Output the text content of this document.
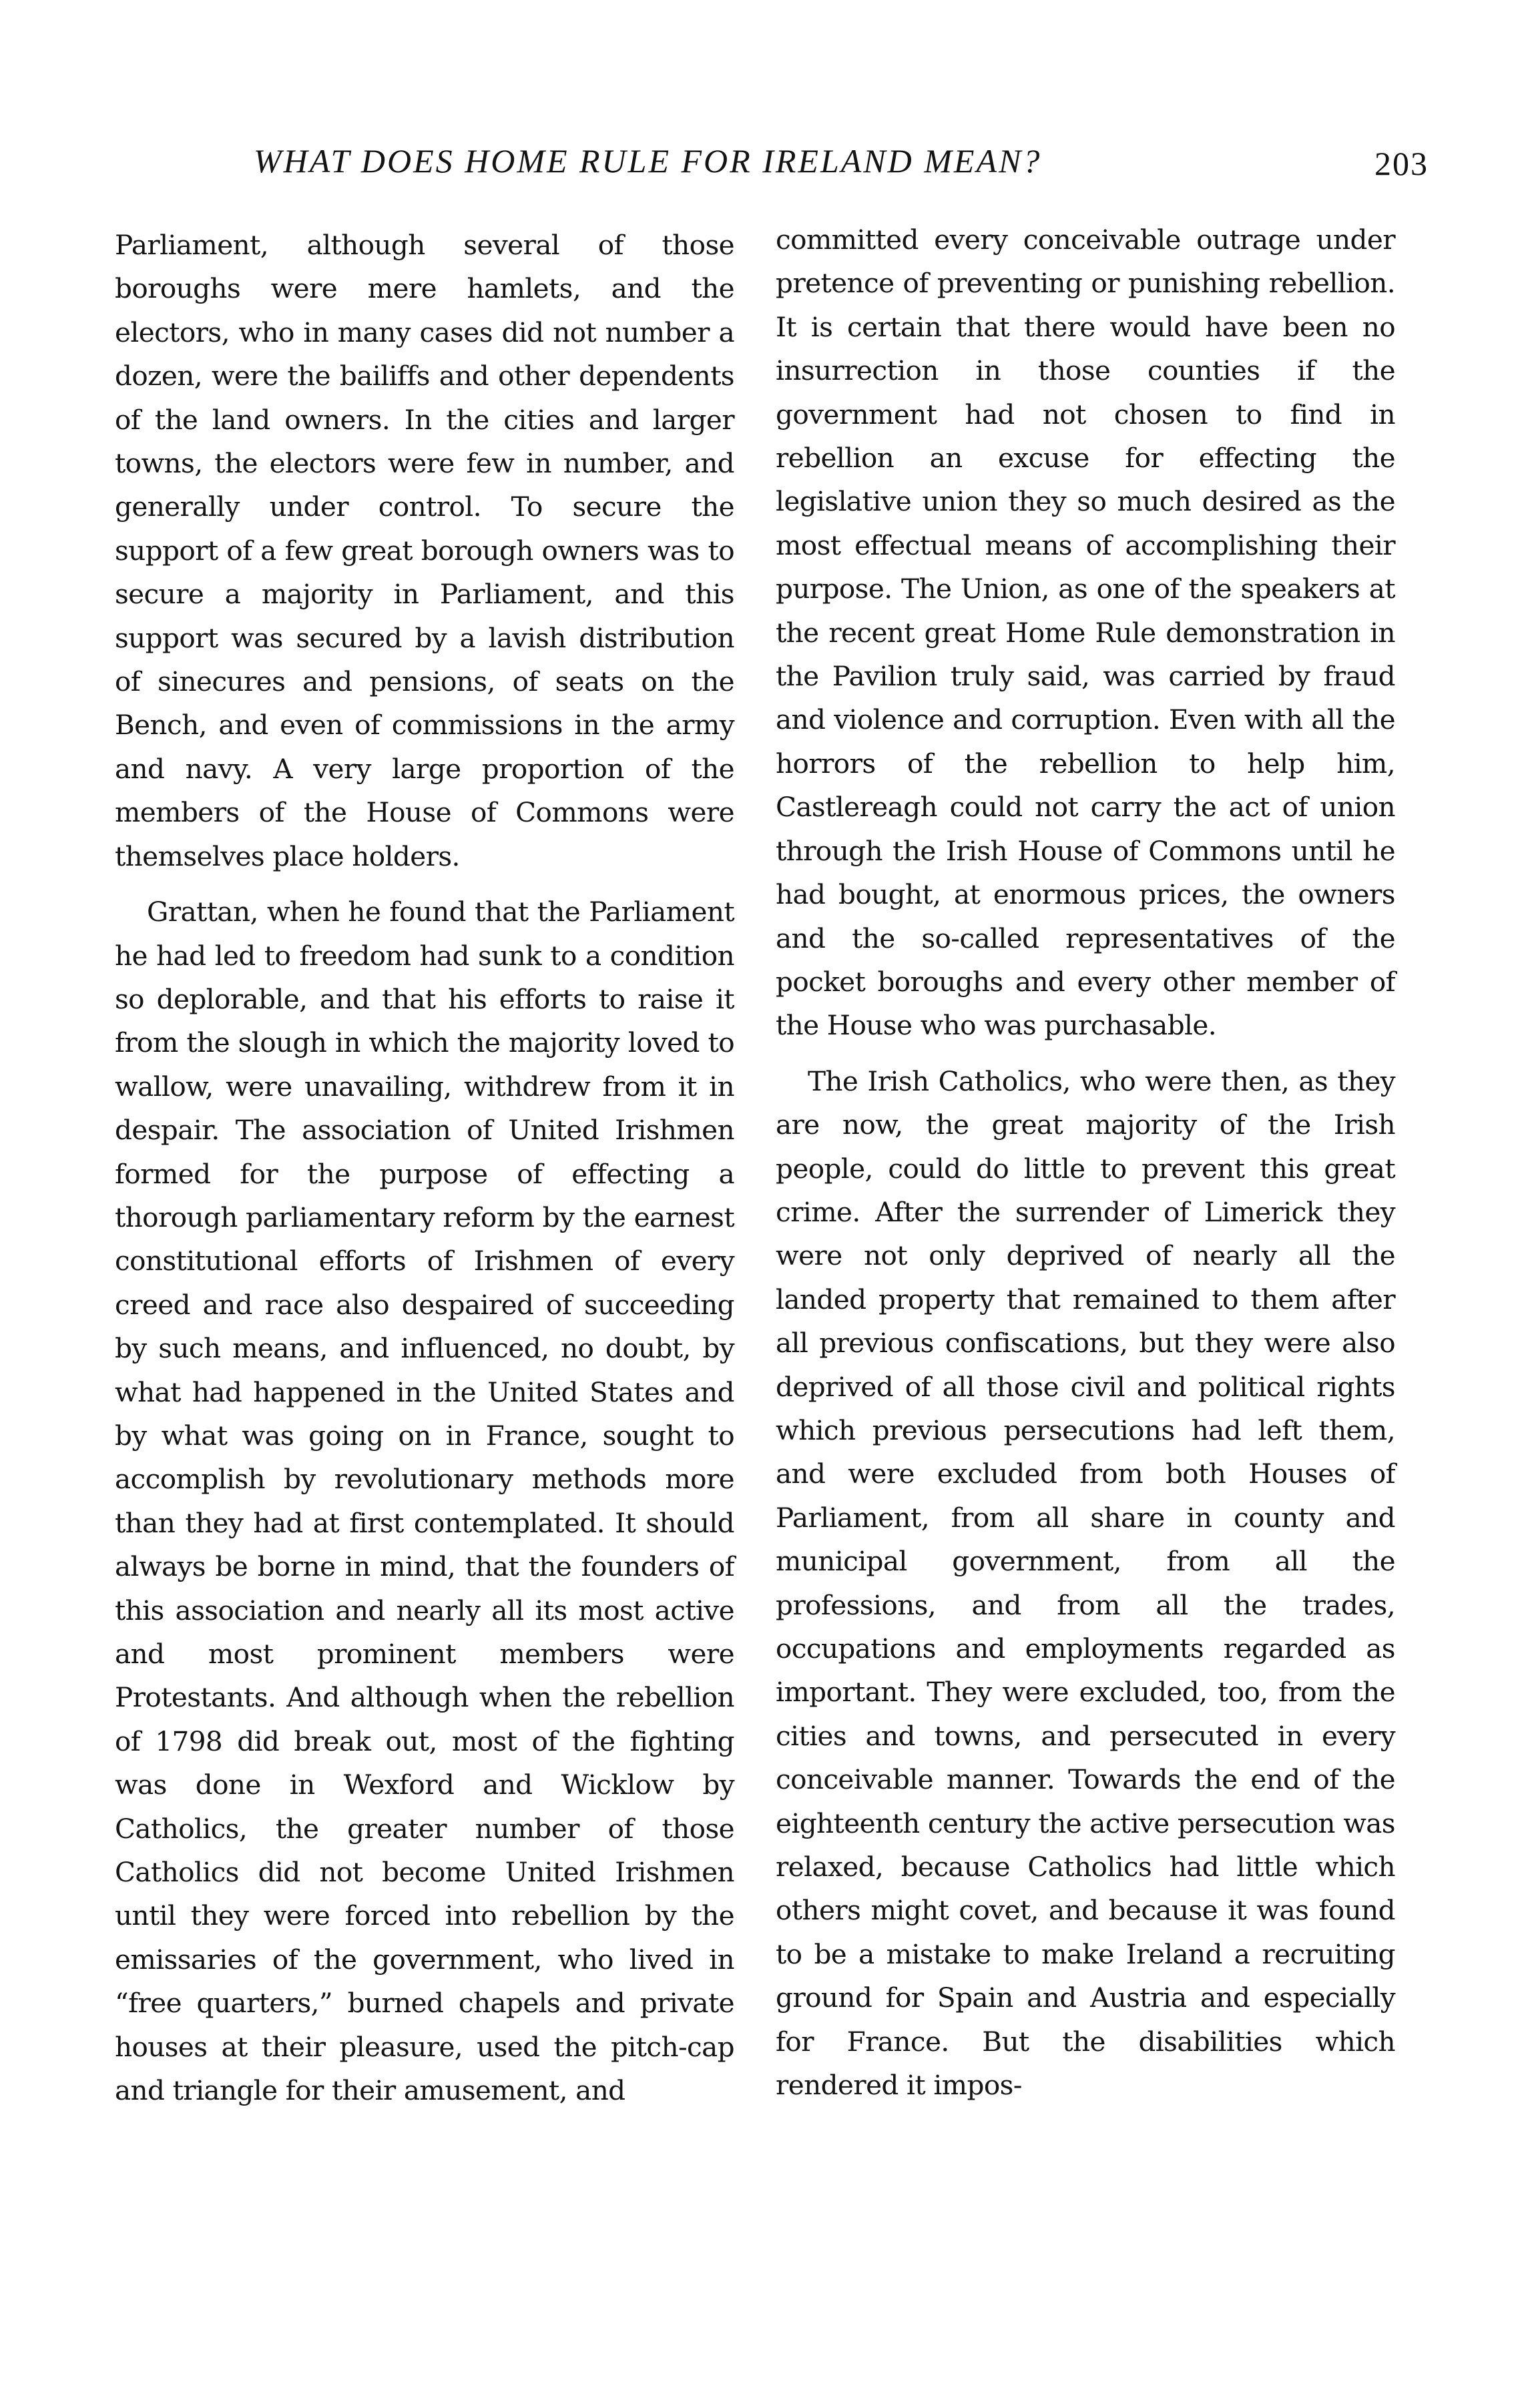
WHAT DOES HOME RULE FOR IRELAND MEAN?	203

Parliament, although several of those boroughs were mere hamlets, and the electors, who in many cases did not number a dozen, were the bailiffs and other dependents of the land owners. In the cities and larger towns, the electors were few in number, and generally under control. To secure the support of a few great borough owners was to secure a majority in Parliament, and this support was secured by a lavish distribution of sinecures and pensions, of seats on the Bench, and even of commissions in the army and navy. A very large proportion of the members of the House of Commons were themselves place holders.

Grattan, when he found that the Parliament he had led to freedom had sunk to a condition so deplorable, and that his efforts to raise it from the slough in which the majority loved to wallow, were unavailing, withdrew from it in despair. The association of United Irishmen formed for the purpose of effecting a thorough parliamentary reform by the earnest constitutional efforts of Irishmen of every creed and race also despaired of succeeding by such means, and influenced, no doubt, by what had happened in the United States and by what was going on in France, sought to accomplish by revolutionary methods more than they had at first contemplated. It should always be borne in mind, that the founders of this association and nearly all its most active and most prominent members were Protestants. And although when the rebellion of 1798 did break out, most of the fighting was done in Wexford and Wicklow by Catholics, the greater number of those Catholics did not become United Irishmen until they were forced into rebellion by the emissaries of the government, who lived in “free quarters,” burned chapels and private houses at their pleasure, used the pitch-cap and triangle for their amusement, and

committed every conceivable outrage under pretence of preventing or punishing rebellion. It is certain that there would have been no insurrection in those counties if the government had not chosen to find in rebellion an excuse for effecting the legislative union they so much desired as the most effectual means of accomplishing their purpose. The Union, as one of the speakers at the recent great Home Rule demonstration in the Pavilion truly said, was carried by fraud and violence and corruption. Even with all the horrors of the rebellion to help him, Castlereagh could not carry the act of union through the Irish House of Commons until he had bought, at enormous prices, the owners and the so-called representatives of the pocket boroughs and every other member of the House who was purchasable.

The Irish Catholics, who were then, as they are now, the great majority of the Irish people, could do little to prevent this great crime. After the surrender of Limerick they were not only deprived of nearly all the landed property that remained to them after all previous confiscations, but they were also deprived of all those civil and political rights which previous persecutions had left them, and were excluded from both Houses of Parliament, from all share in county and municipal government, from all the professions, and from all the trades, occupations and employments regarded as important. They were excluded, too, from the cities and towns, and persecuted in every conceivable manner. Towards the end of the eighteenth century the active persecution was relaxed, because Catholics had little which others might covet, and because it was found to be a mistake to make Ireland a recruiting ground for Spain and Austria and especially for France. But the disabilities which rendered it impos-
